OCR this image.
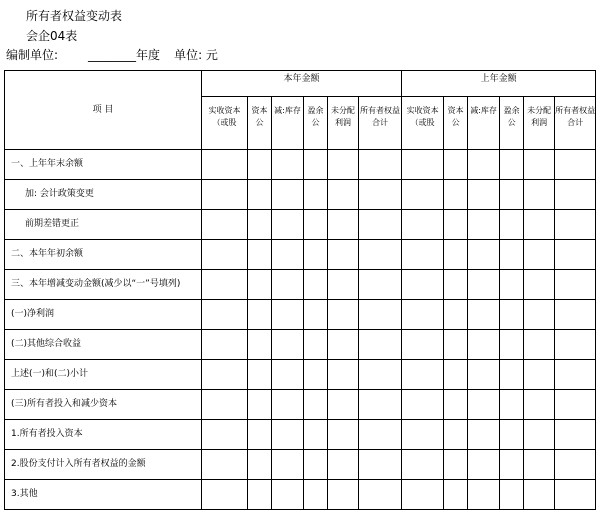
所有者权益变动表
会企04表
编制单位:	________年度 单位: 元
项 目	本年金额						上年金额					

	实收资本（或股	资本公	减:库存	盈余公	未分配利润	所有者权益合计	实收资本（或股	资本公	减:库存	盈余公	未分配利润	所有者权益合计

一、上年年末余额												
加: 会计政策变更												
前期差错更正												
二、本年年初余额												
三、本年增减变动金额(减少以“一”号填列)												
(一)净利润												
(二)其他综合收益												
上述(一)和(二)小计												
(三)所有者投入和减少资本												
1.所有者投入资本												
2.股份支付计入所有者权益的金额												
3.其他												
